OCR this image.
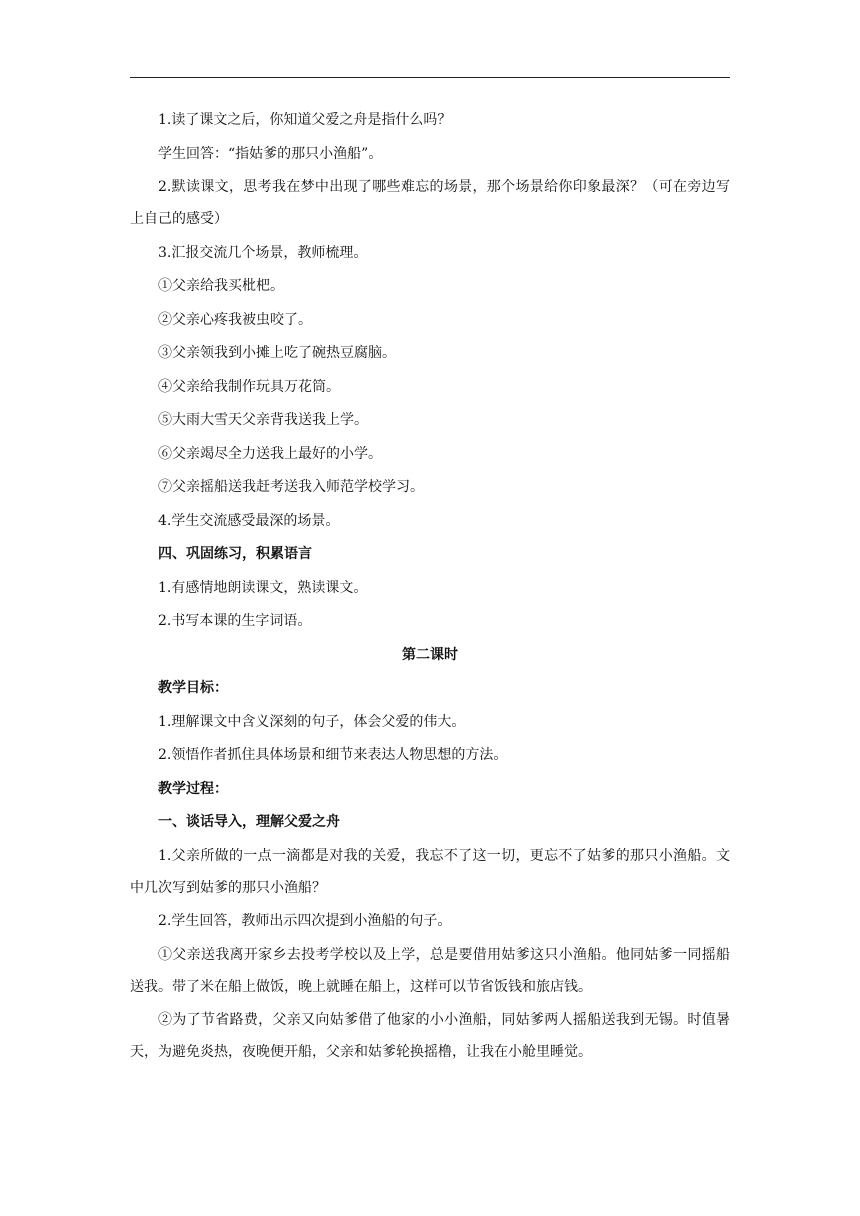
1.读了课文之后，你知道父爱之舟是指什么吗？

学生回答：“指姑爹的那只小渔船”。

2.默读课文，思考我在梦中出现了哪些难忘的场景，那个场景给你印象最深？（可在旁边写上自己的感受）

3.汇报交流几个场景，教师梳理。

①父亲给我买枇杷。

②父亲心疼我被虫咬了。

③父亲领我到小摊上吃了碗热豆腐脑。

④父亲给我制作玩具万花筒。

⑤大雨大雪天父亲背我送我上学。

⑥父亲竭尽全力送我上最好的小学。

⑦父亲摇船送我赶考送我入师范学校学习。

4.学生交流感受最深的场景。

四、巩固练习，积累语言

1.有感情地朗读课文，熟读课文。

2.书写本课的生字词语。

第二课时

教学目标：

1.理解课文中含义深刻的句子，体会父爱的伟大。

2.领悟作者抓住具体场景和细节来表达人物思想的方法。

教学过程：

一、谈话导入，理解父爱之舟

1.父亲所做的一点一滴都是对我的关爱，我忘不了这一切，更忘不了姑爹的那只小渔船。文中几次写到姑爹的那只小渔船？

2.学生回答，教师出示四次提到小渔船的句子。

①父亲送我离开家乡去投考学校以及上学，总是要借用姑爹这只小渔船。他同姑爹一同摇船送我。带了米在船上做饭，晚上就睡在船上，这样可以节省饭钱和旅店钱。

②为了节省路费，父亲又向姑爹借了他家的小小渔船，同姑爹两人摇船送我到无锡。时值暑天，为避免炎热，夜晚便开船，父亲和姑爹轮换摇橹，让我在小舱里睡觉。
